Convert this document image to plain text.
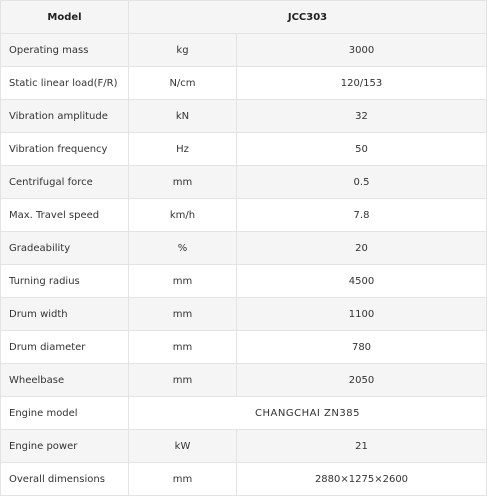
Model	JCC303	
Operating mass	kg	3000
Static linear load(F/R)	N/cm	120/153
Vibration amplitude	kN	32
Vibration frequency	Hz	50
Centrifugal force	mm	0.5
Max. Travel speed	km/h	7.8
Gradeability	%	20
Turning radius	mm	4500
Drum width	mm	1100
Drum diameter	mm	780
Wheelbase	mm	2050
Engine model	CHANGCHAI ZN385	
Engine power	kW	21
Overall dimensions	mm	2880×1275×2600
